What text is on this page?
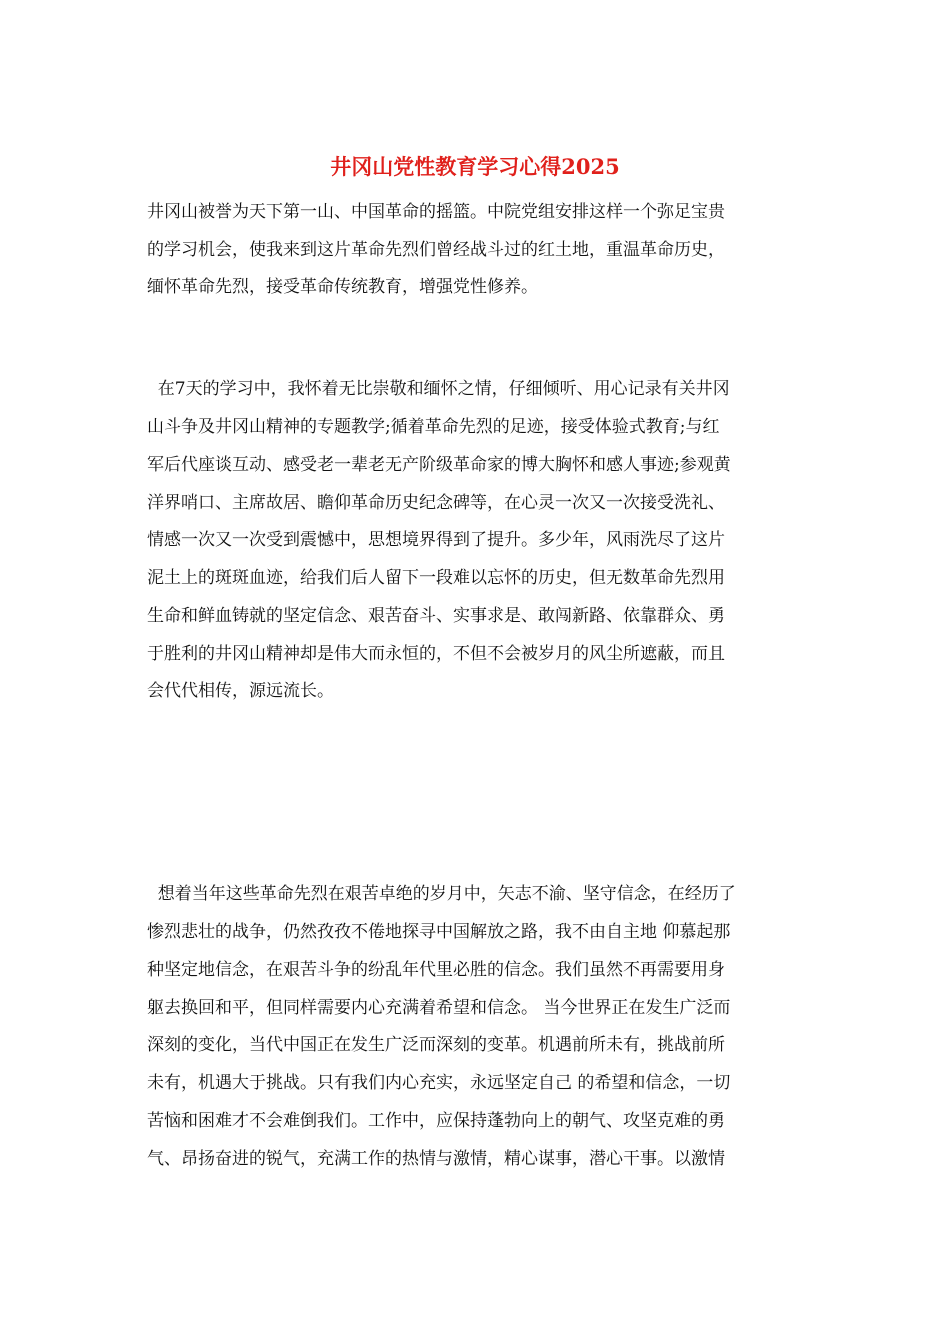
井冈山党性教育学习心得2025

井冈山被誉为天下第一山、中国革命的摇篮。中院党组安排这样一个弥足宝贵

的学习机会，使我来到这片革命先烈们曾经战斗过的红土地，重温革命历史，

缅怀革命先烈，接受革命传统教育，增强党性修养。

在7天的学习中，我怀着无比崇敬和缅怀之情，仔细倾听、用心记录有关井冈

山斗争及井冈山精神的专题教学;循着革命先烈的足迹，接受体验式教育;与红

军后代座谈互动、感受老一辈老无产阶级革命家的博大胸怀和感人事迹;参观黄

洋界哨口、主席故居、瞻仰革命历史纪念碑等，在心灵一次又一次接受洗礼、

情感一次又一次受到震憾中，思想境界得到了提升。多少年，风雨洗尽了这片

泥土上的斑斑血迹，给我们后人留下一段难以忘怀的历史，但无数革命先烈用

生命和鲜血铸就的坚定信念、艰苦奋斗、实事求是、敢闯新路、依靠群众、勇

于胜利的井冈山精神却是伟大而永恒的，不但不会被岁月的风尘所遮蔽，而且

会代代相传，源远流长。

想着当年这些革命先烈在艰苦卓绝的岁月中，矢志不渝、坚守信念，在经历了

惨烈悲壮的战争，仍然孜孜不倦地探寻中国解放之路，我不由自主地 仰慕起那

种坚定地信念，在艰苦斗争的纷乱年代里必胜的信念。我们虽然不再需要用身

躯去换回和平，但同样需要内心充满着希望和信念。 当今世界正在发生广泛而

深刻的变化，当代中国正在发生广泛而深刻的变革。机遇前所未有，挑战前所

未有，机遇大于挑战。只有我们内心充实，永远坚定自己 的希望和信念，一切

苦恼和困难才不会难倒我们。工作中，应保持蓬勃向上的朝气、攻坚克难的勇

气、昂扬奋进的锐气，充满工作的热情与激情，精心谋事，潜心干事。以激情
